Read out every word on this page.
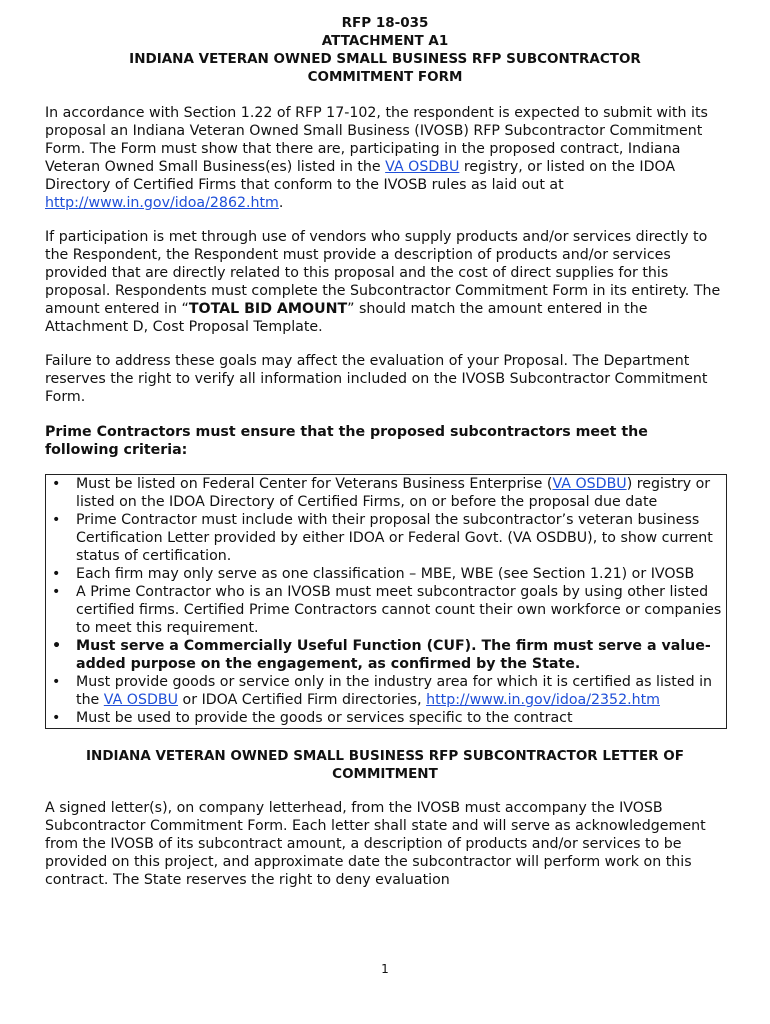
RFP 18-035
ATTACHMENT A1
INDIANA VETERAN OWNED SMALL BUSINESS RFP SUBCONTRACTOR
COMMITMENT FORM

In accordance with Section 1.22 of RFP 17-102, the respondent is expected to submit with its proposal an Indiana Veteran Owned Small Business (IVOSB) RFP Subcontractor Commitment Form. The Form must show that there are, participating in the proposed contract, Indiana Veteran Owned Small Business(es) listed in the VA OSDBU registry, or listed on the IDOA Directory of Certified Firms that conform to the IVOSB rules as laid out at http://www.in.gov/idoa/2862.htm.

If participation is met through use of vendors who supply products and/or services directly to the Respondent, the Respondent must provide a description of products and/or services provided that are directly related to this proposal and the cost of direct supplies for this proposal. Respondents must complete the Subcontractor Commitment Form in its entirety. The amount entered in “TOTAL BID AMOUNT” should match the amount entered in the Attachment D, Cost Proposal Template.

Failure to address these goals may affect the evaluation of your Proposal. The Department reserves the right to verify all information included on the IVOSB Subcontractor Commitment Form.

Prime Contractors must ensure that the proposed subcontractors meet the following criteria:

• Must be listed on Federal Center for Veterans Business Enterprise (VA OSDBU) registry or listed on the IDOA Directory of Certified Firms, on or before the proposal due date
• Prime Contractor must include with their proposal the subcontractor’s veteran business Certification Letter provided by either IDOA or Federal Govt. (VA OSDBU), to show current status of certification.
• Each firm may only serve as one classification – MBE, WBE (see Section 1.21) or IVOSB
• A Prime Contractor who is an IVOSB must meet subcontractor goals by using other listed certified firms. Certified Prime Contractors cannot count their own workforce or companies to meet this requirement.
• Must serve a Commercially Useful Function (CUF). The firm must serve a value-added purpose on the engagement, as confirmed by the State.
• Must provide goods or service only in the industry area for which it is certified as listed in the VA OSDBU or IDOA Certified Firm directories, http://www.in.gov/idoa/2352.htm
• Must be used to provide the goods or services specific to the contract
INDIANA VETERAN OWNED SMALL BUSINESS RFP SUBCONTRACTOR LETTER OF
COMMITMENT

A signed letter(s), on company letterhead, from the IVOSB must accompany the IVOSB Subcontractor Commitment Form. Each letter shall state and will serve as acknowledgement from the IVOSB of its subcontract amount, a description of products and/or services to be provided on this project, and approximate date the subcontractor will perform work on this contract. The State reserves the right to deny evaluation

1
